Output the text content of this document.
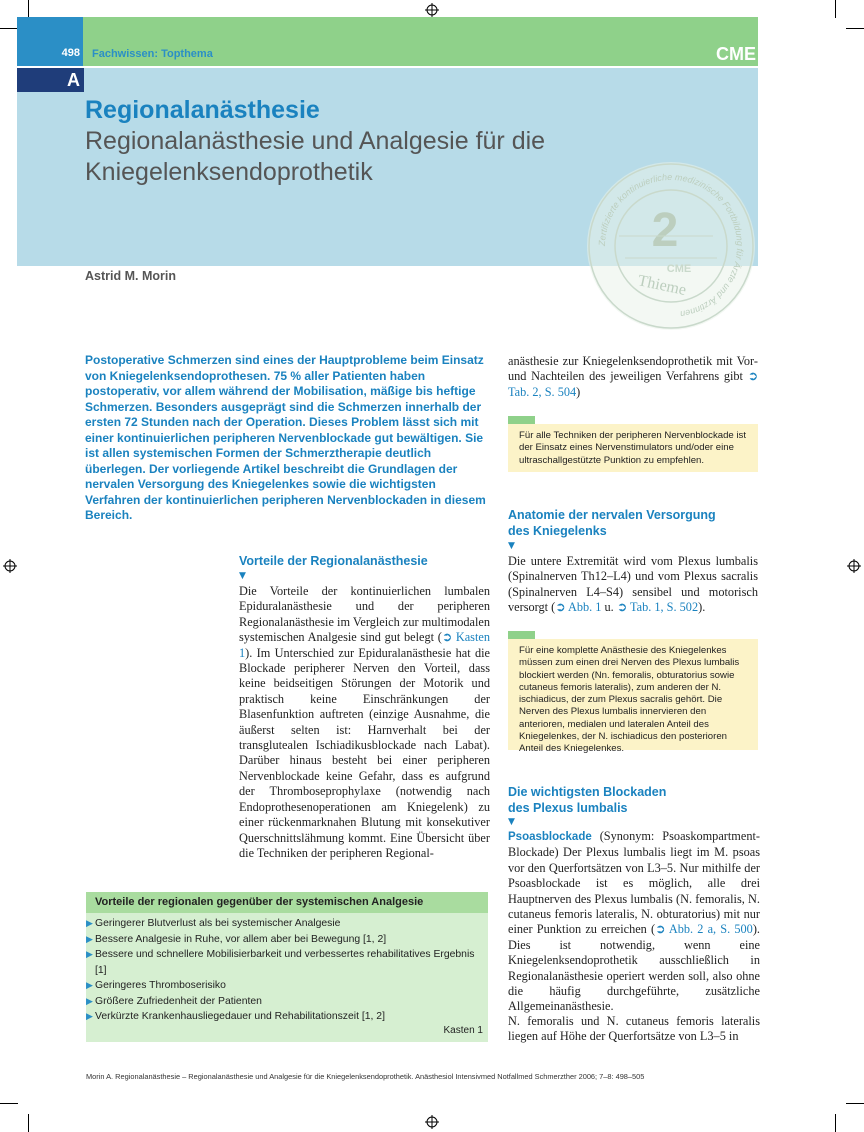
498 Fachwissen: Topthema	CME
A
Regionalanästhesie
Regionalanästhesie und Analgesie für die Kniegelenksendoprothetik
Astrid M. Morin
Zertifizierte kontinuierliche medizinische Fortbildung für Ärzte und Ärztinnen
2
CME
Thieme

Postoperative Schmerzen sind eines der Hauptprobleme beim Einsatz von Kniegelenksendoprothesen. 75 % aller Patienten haben postoperativ, vor allem während der Mobilisation, mäßige bis heftige Schmerzen. Besonders ausgeprägt sind die Schmerzen innerhalb der ersten 72 Stunden nach der Operation. Dieses Problem lässt sich mit einer kontinuierlichen peripheren Nervenblockade gut bewältigen. Sie ist allen systemischen Formen der Schmerztherapie deutlich überlegen. Der vorliegende Artikel beschreibt die Grundlagen der nervalen Versorgung des Kniegelenkes sowie die wichtigsten Verfahren der kontinuierlichen peripheren Nervenblockaden in diesem Bereich.

Vorteile der Regionalanästhesie
▼

Die Vorteile der kontinuierlichen lumbalen Epiduralanästhesie und der peripheren Regionalanästhesie im Vergleich zur multimodalen systemischen Analgesie sind gut belegt (➲ Kasten 1). Im Unterschied zur Epiduralanästhesie hat die Blockade peripherer Nerven den Vorteil, dass keine beidseitigen Störungen der Motorik und praktisch keine Einschränkungen der Blasenfunktion auftreten (einzige Ausnahme, die äußerst selten ist: Harnverhalt bei der transglutealen Ischiadikusblockade nach Labat). Darüber hinaus besteht bei einer peripheren Nervenblockade keine Gefahr, dass es aufgrund der Thromboseprophylaxe (notwendig nach Endoprothesenoperationen am Kniegelenk) zu einer rückenmarknahen Blutung mit konsekutiver Querschnittslähmung kommt. Eine Übersicht über die Techniken der peripheren Regional-

Vorteile der regionalen gegenüber der systemischen Analgesie
▶ Geringerer Blutverlust als bei systemischer Analgesie
▶ Bessere Analgesie in Ruhe, vor allem aber bei Bewegung [1, 2]
▶ Bessere und schnellere Mobilisierbarkeit und verbessertes rehabilitatives Ergebnis [1]
▶ Geringeres Thromboserisiko
▶ Größere Zufriedenheit der Patienten
▶ Verkürzte Krankenhausliegedauer und Rehabilitationszeit [1, 2]
Kasten 1

anästhesie zur Kniegelenksendoprothetik mit Vor- und Nachteilen des jeweiligen Verfahrens gibt ➲ Tab. 2, S. 504)

Für alle Techniken der peripheren Nervenblockade ist der Einsatz eines Nervenstimulators und/oder eine ultraschallgestützte Punktion zu empfehlen.

Anatomie der nervalen Versorgung
des Kniegelenks
▼

Die untere Extremität wird vom Plexus lumbalis (Spinalnerven Th12–L4) und vom Plexus sacralis (Spinalnerven L4–S4) sensibel und motorisch versorgt (➲ Abb. 1 u. ➲ Tab. 1, S. 502).

Für eine komplette Anästhesie des Kniegelenkes müssen zum einen drei Nerven des Plexus lumbalis blockiert werden (Nn. femoralis, obturatorius sowie cutaneus femoris lateralis), zum anderen der N. ischiadicus, der zum Plexus sacralis gehört. Die Nerven des Plexus lumbalis innervieren den anterioren, medialen und lateralen Anteil des Kniegelenkes, der N. ischiadicus den posterioren Anteil des Kniegelenkes.

Die wichtigsten Blockaden
des Plexus lumbalis
▼

Psoasblockade (Synonym: Psoaskompartment-Blockade) Der Plexus lumbalis liegt im M. psoas vor den Querfortsätzen von L3–5. Nur mithilfe der Psoasblockade ist es möglich, alle drei Hauptnerven des Plexus lumbalis (N. femoralis, N. cutaneus femoris lateralis, N. obturatorius) mit nur einer Punktion zu erreichen (➲ Abb. 2 a, S. 500). Dies ist notwendig, wenn eine Kniegelenksendoprothetik ausschließlich in Regionalanästhesie operiert werden soll, also ohne die häufig durchgeführte, zusätzliche Allgemeinanästhesie.

N. femoralis und N. cutaneus femoris lateralis liegen auf Höhe der Querfortsätze von L3–5 in

Morin A. Regionalanästhesie – Regionalanästhesie und Analgesie für die Kniegelenksendoprothetik. Anästhesiol Intensivmed Notfallmed Schmerzther 2006; 7–8: 498–505
